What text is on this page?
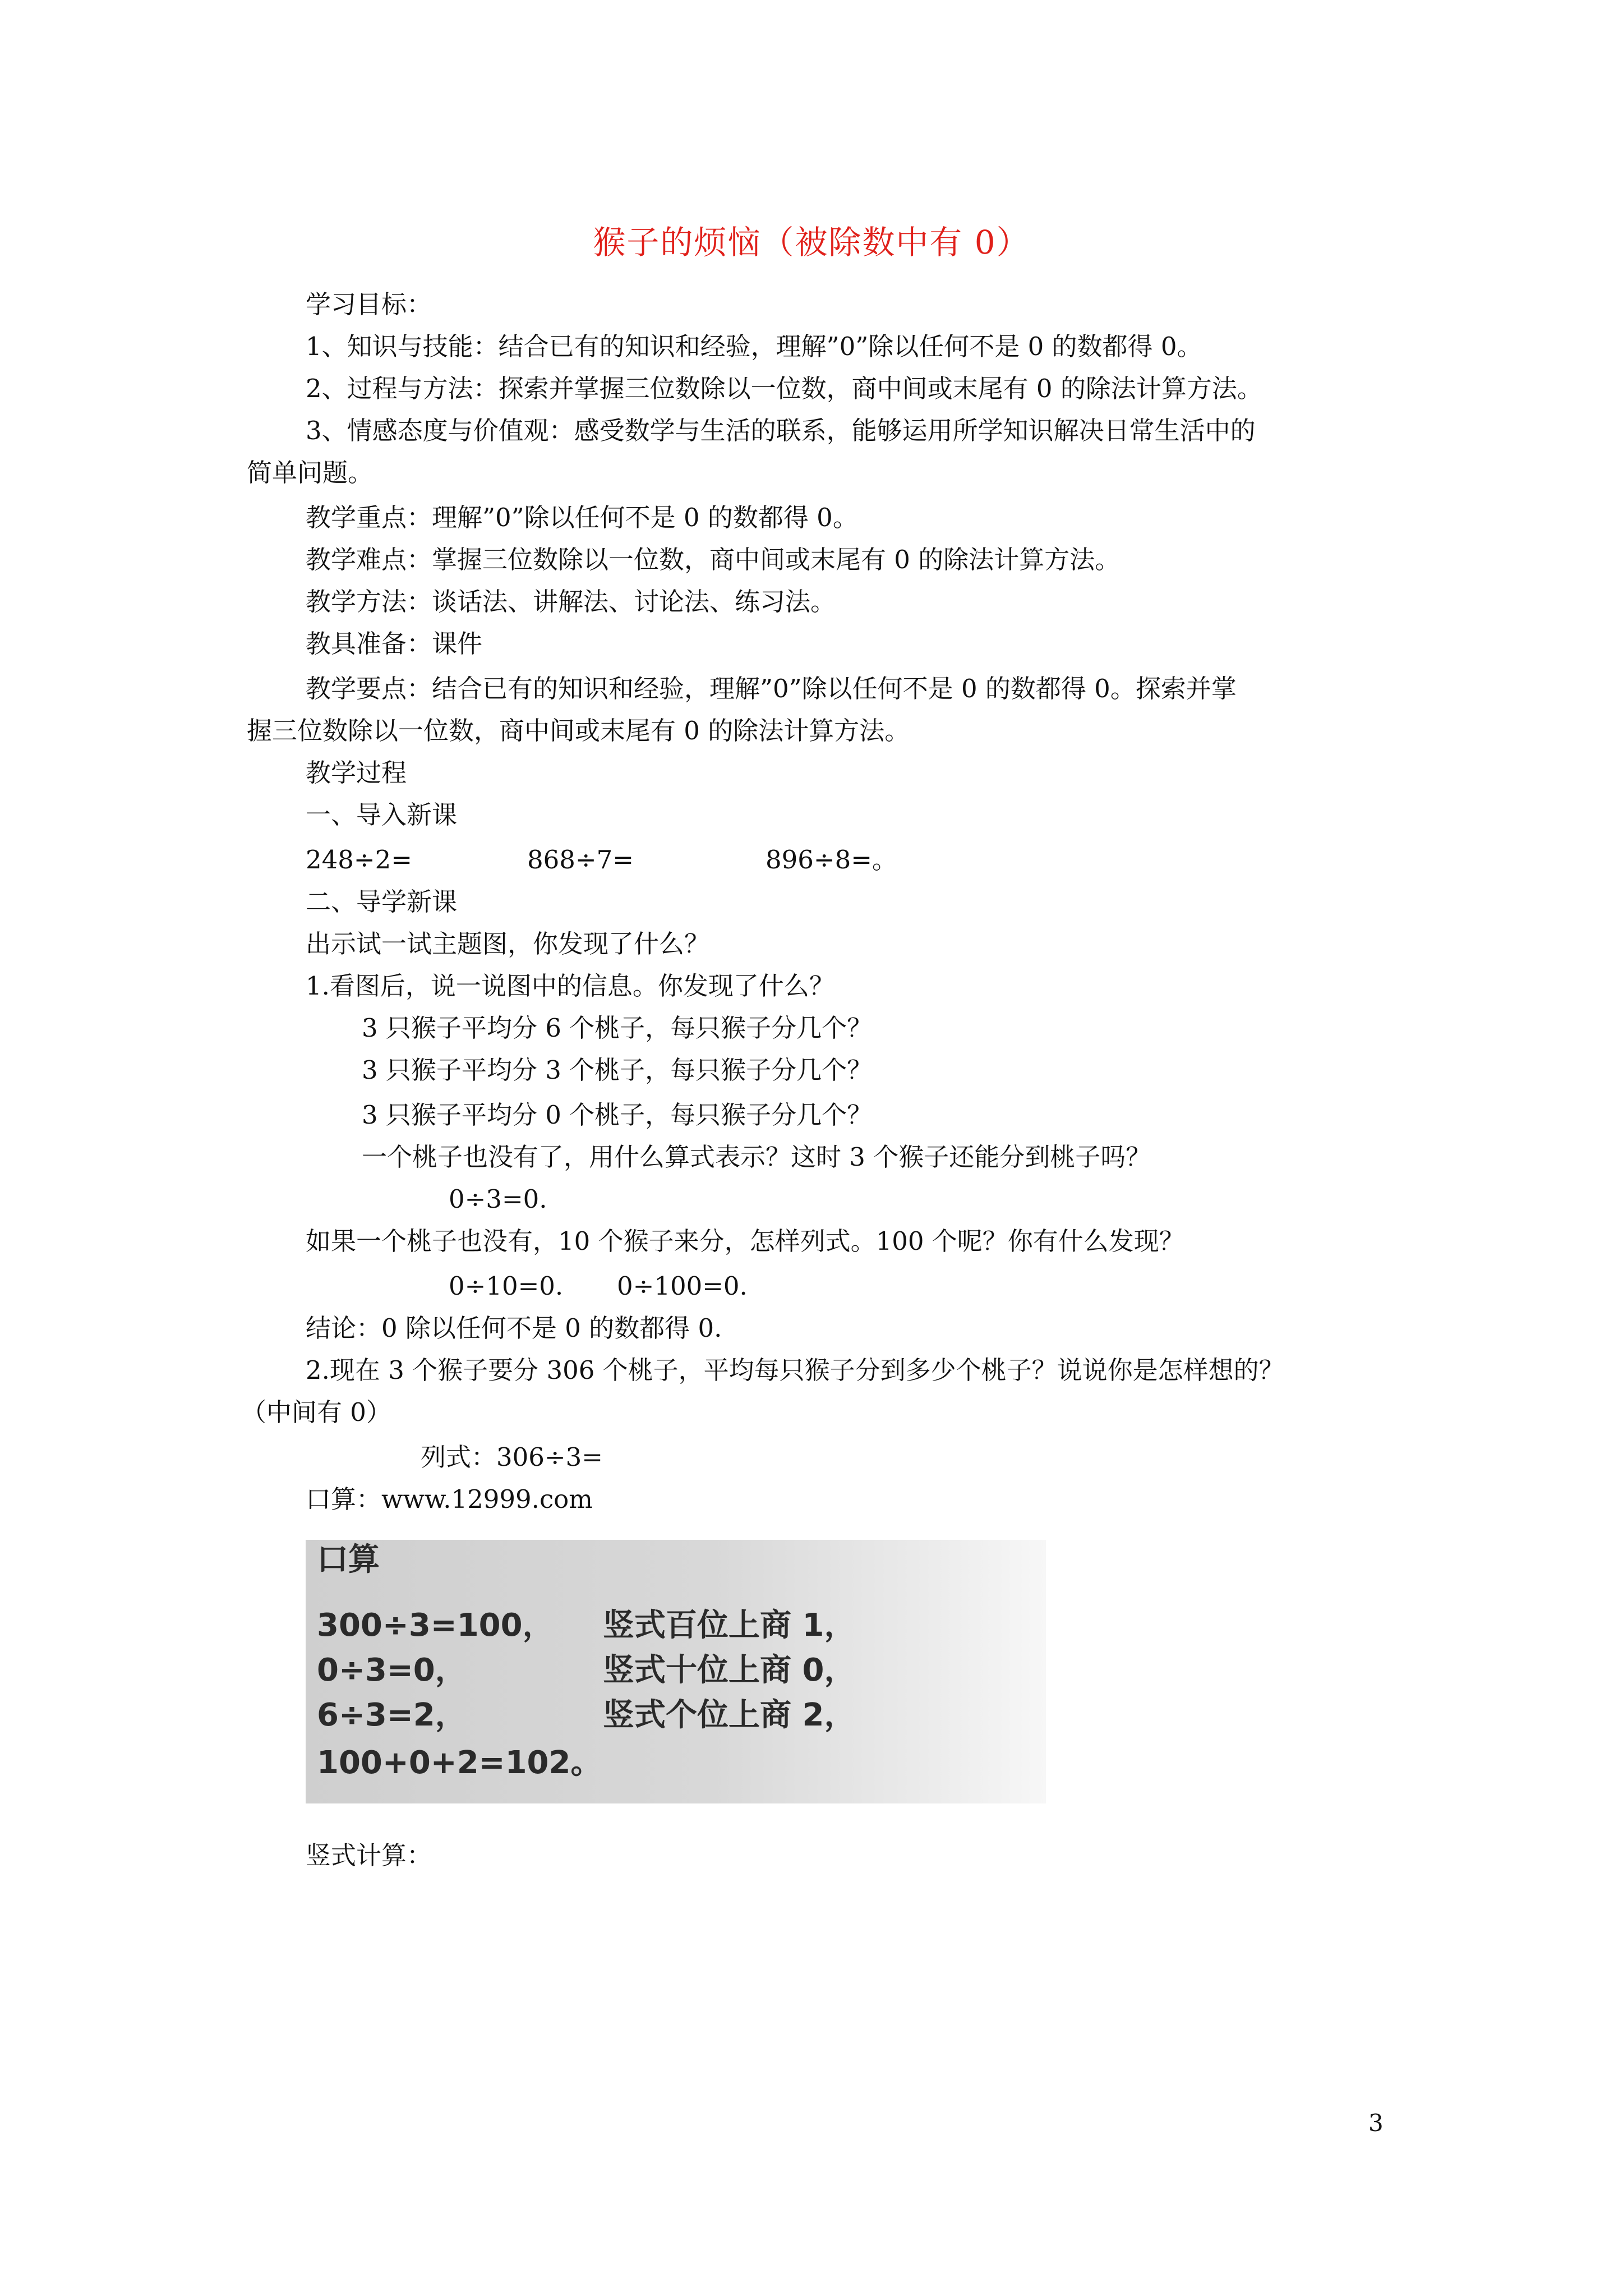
猴子的烦恼（被除数中有 0）
学习目标：
1、知识与技能：结合已有的知识和经验，理解”0”除以任何不是 0 的数都得 0。
2、过程与方法：探索并掌握三位数除以一位数，商中间或末尾有 0 的除法计算方法。
3、情感态度与价值观：感受数学与生活的联系，能够运用所学知识解决日常生活中的
简单问题。
教学重点：理解”0”除以任何不是 0 的数都得 0。
教学难点：掌握三位数除以一位数，商中间或末尾有 0 的除法计算方法。
教学方法：谈话法、讲解法、讨论法、练习法。
教具准备：课件
教学要点：结合已有的知识和经验，理解”0”除以任何不是 0 的数都得 0。探索并掌
握三位数除以一位数，商中间或末尾有 0 的除法计算方法。
教学过程
一、导入新课
248÷2=	868÷7=	896÷8=。
二、导学新课
出示试一试主题图，你发现了什么？
1.看图后，说一说图中的信息。你发现了什么？
3 只猴子平均分 6 个桃子，每只猴子分几个？
3 只猴子平均分 3 个桃子，每只猴子分几个？
3 只猴子平均分 0 个桃子，每只猴子分几个？
一个桃子也没有了，用什么算式表示？这时 3 个猴子还能分到桃子吗？
0÷3=0.
如果一个桃子也没有，10 个猴子来分，怎样列式。100 个呢？你有什么发现？
0÷10=0. 0÷100=0.
结论：0 除以任何不是 0 的数都得 0.
2.现在 3 个猴子要分 306 个桃子，平均每只猴子分到多少个桃子？说说你是怎样想的？
（中间有 0）
列式：306÷3=
口算：www.12999.com
口算
300÷3=100， 竖式百位上商 1，
0÷3=0，	竖式十位上商 0，
6÷3=2，	竖式个位上商 2，
100+0+2=102。
竖式计算：
3
